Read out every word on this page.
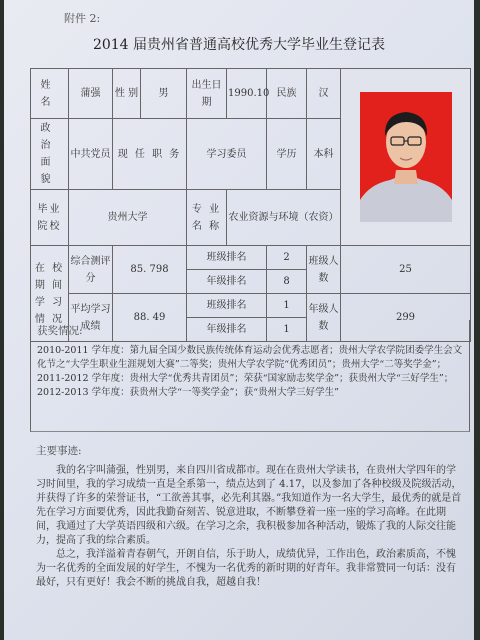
附件 2:
2014 届贵州省普通高校优秀大学毕业生登记表
姓 名	蒲强	性 别	男	出生日期	1990.10	民族	汉	

政治面貌	中共党员	现 任 职 务		学习委员		学历	本科	
毕业院校	贵州大学			专 业 名 称	农业资源与环境（农资）			
在 校 期 间 学 习 情 况	综合测评分	85. 798		班级排名		2	班级人数	25
				年级排名		8		
	平均学习成绩	88. 49		班级排名		1	年级人数	299
				年级排名		1		
获奖情况:

2010-2011 学年度：第九届全国少数民族传统体育运动会优秀志愿者；贵州大学农学院团委学生会文化节之“大学生职业生涯规划大赛”二等奖；贵州大学农学院“优秀团员”；贵州大学“二等奖学金”；

2011-2012 学年度：贵州大学“优秀共青团员”；荣获“国家励志奖学金”；获贵州大学“三好学生”；

2012-2013 学年度：获贵州大学“一等奖学金”；获“贵州大学三好学生”

主要事迹:

我的名字叫蒲强，性别男，来自四川省成都市。现在在贵州大学读书，在贵州大学四年的学习时间里，我的学习成绩一直是全系第一，绩点达到了 4.17，以及参加了各种校级及院级活动，并获得了许多的荣誉证书，“工欲善其事，必先利其器。”我知道作为一名大学生，最优秀的就是首先在学习方面要优秀，因此我勤奋刻苦、锐意进取，不断攀登着一座一座的学习高峰。在此期间，我通过了大学英语四级和六级。在学习之余，我积极参加各种活动，锻炼了我的人际交往能力，提高了我的综合素质。

总之，我洋溢着青春朝气，开朗自信，乐于助人，成绩优异，工作出色，政治素质高，不愧为一名优秀的全面发展的好学生，不愧为一名优秀的新时期的好青年。我非常赞同一句话：没有最好，只有更好！我会不断的挑战自我，超越自我！
